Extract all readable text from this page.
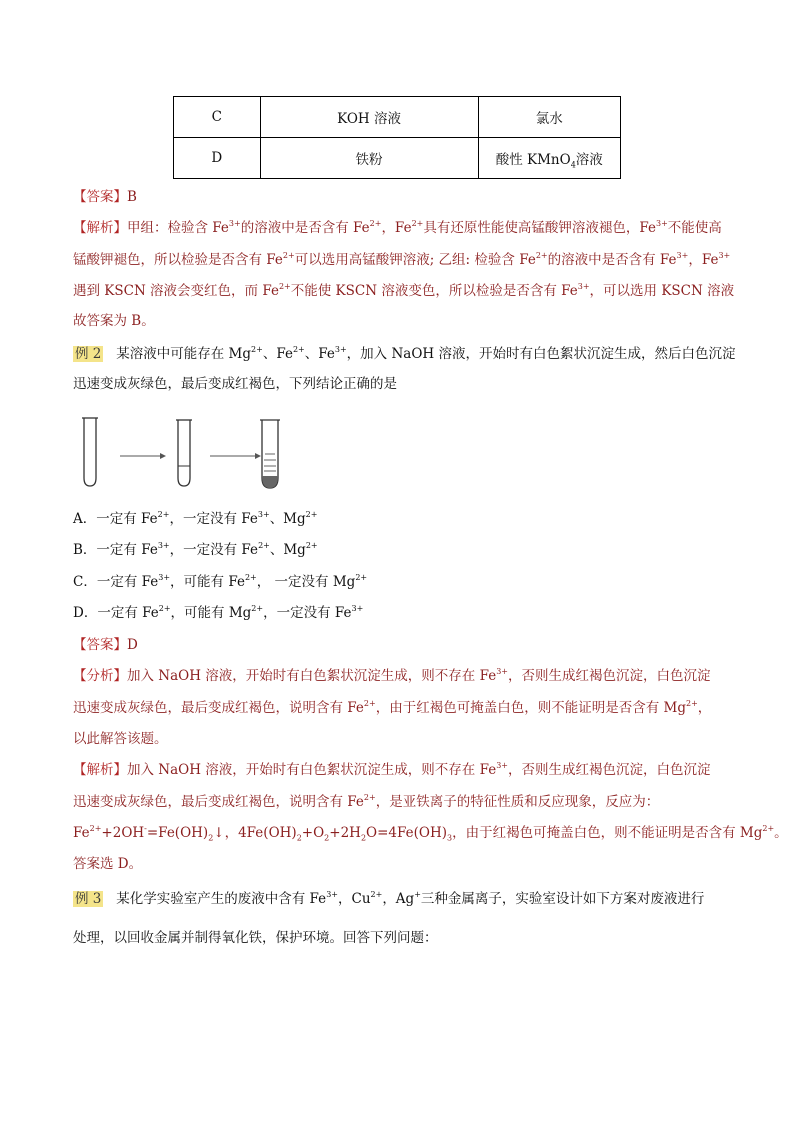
C	KOH 溶液	氯水
D	铁粉	酸性 KMnO$_4$溶液
【答案】B
【解析】甲组：检验含 $Fe^{3+}$的溶液中是否含有 $Fe^{2+}$，$Fe^{2+}$具有还原性能使高锰酸钾溶液褪色，$Fe^{3+}$不能使高
锰酸钾褪色，所以检验是否含有 $Fe^{2+}$可以选用高锰酸钾溶液; 乙组: 检验含 $Fe^{2+}$的溶液中是否含有 $Fe^{3+}$，$Fe^{3+}$
遇到 KSCN 溶液会变红色，而 $Fe^{2+}$不能使 KSCN 溶液变色，所以检验是否含有 $Fe^{3+}$，可以选用 KSCN 溶液
故答案为 B。
例 2 某溶液中可能存在 $Mg^{2+}$、$Fe^{2+}$、$Fe^{3+}$，加入 NaOH 溶液，开始时有白色絮状沉淀生成，然后白色沉淀
迅速变成灰绿色，最后变成红褐色，下列结论正确的是
A．一定有 $Fe^{2+}$，一定没有 $Fe^{3+}$、$Mg^{2+}$
B．一定有 $Fe^{3+}$，一定没有 $Fe^{2+}$、$Mg^{2+}$
C．一定有 $Fe^{3+}$，可能有 $Fe^{2+}$， 一定没有 $Mg^{2+}$
D．一定有 $Fe^{2+}$，可能有 $Mg^{2+}$，一定没有 $Fe^{3+}$
【答案】D
【分析】加入 NaOH 溶液，开始时有白色絮状沉淀生成，则不存在 $Fe^{3+}$，否则生成红褐色沉淀，白色沉淀
迅速变成灰绿色，最后变成红褐色，说明含有 $Fe^{2+}$，由于红褐色可掩盖白色，则不能证明是否含有 $Mg^{2+}$，
以此解答该题。
【解析】加入 NaOH 溶液，开始时有白色絮状沉淀生成，则不存在 $Fe^{3+}$，否则生成红褐色沉淀，白色沉淀
迅速变成灰绿色，最后变成红褐色，说明含有 $Fe^{2+}$，是亚铁离子的特征性质和反应现象，反应为：
$Fe^{2+}+2OH^-=Fe(OH)_2↓$，$4Fe(OH)_2+O_2+2H_2O=4Fe(OH)_3$，由于红褐色可掩盖白色，则不能证明是否含有 $Mg^{2+}$。
答案选 D。
例 3 某化学实验室产生的废液中含有 $Fe^{3+}$，$Cu^{2+}$，Ag+三种金属离子，实验室设计如下方案对废液进行
处理，以回收金属并制得氧化铁，保护环境。回答下列问题：
